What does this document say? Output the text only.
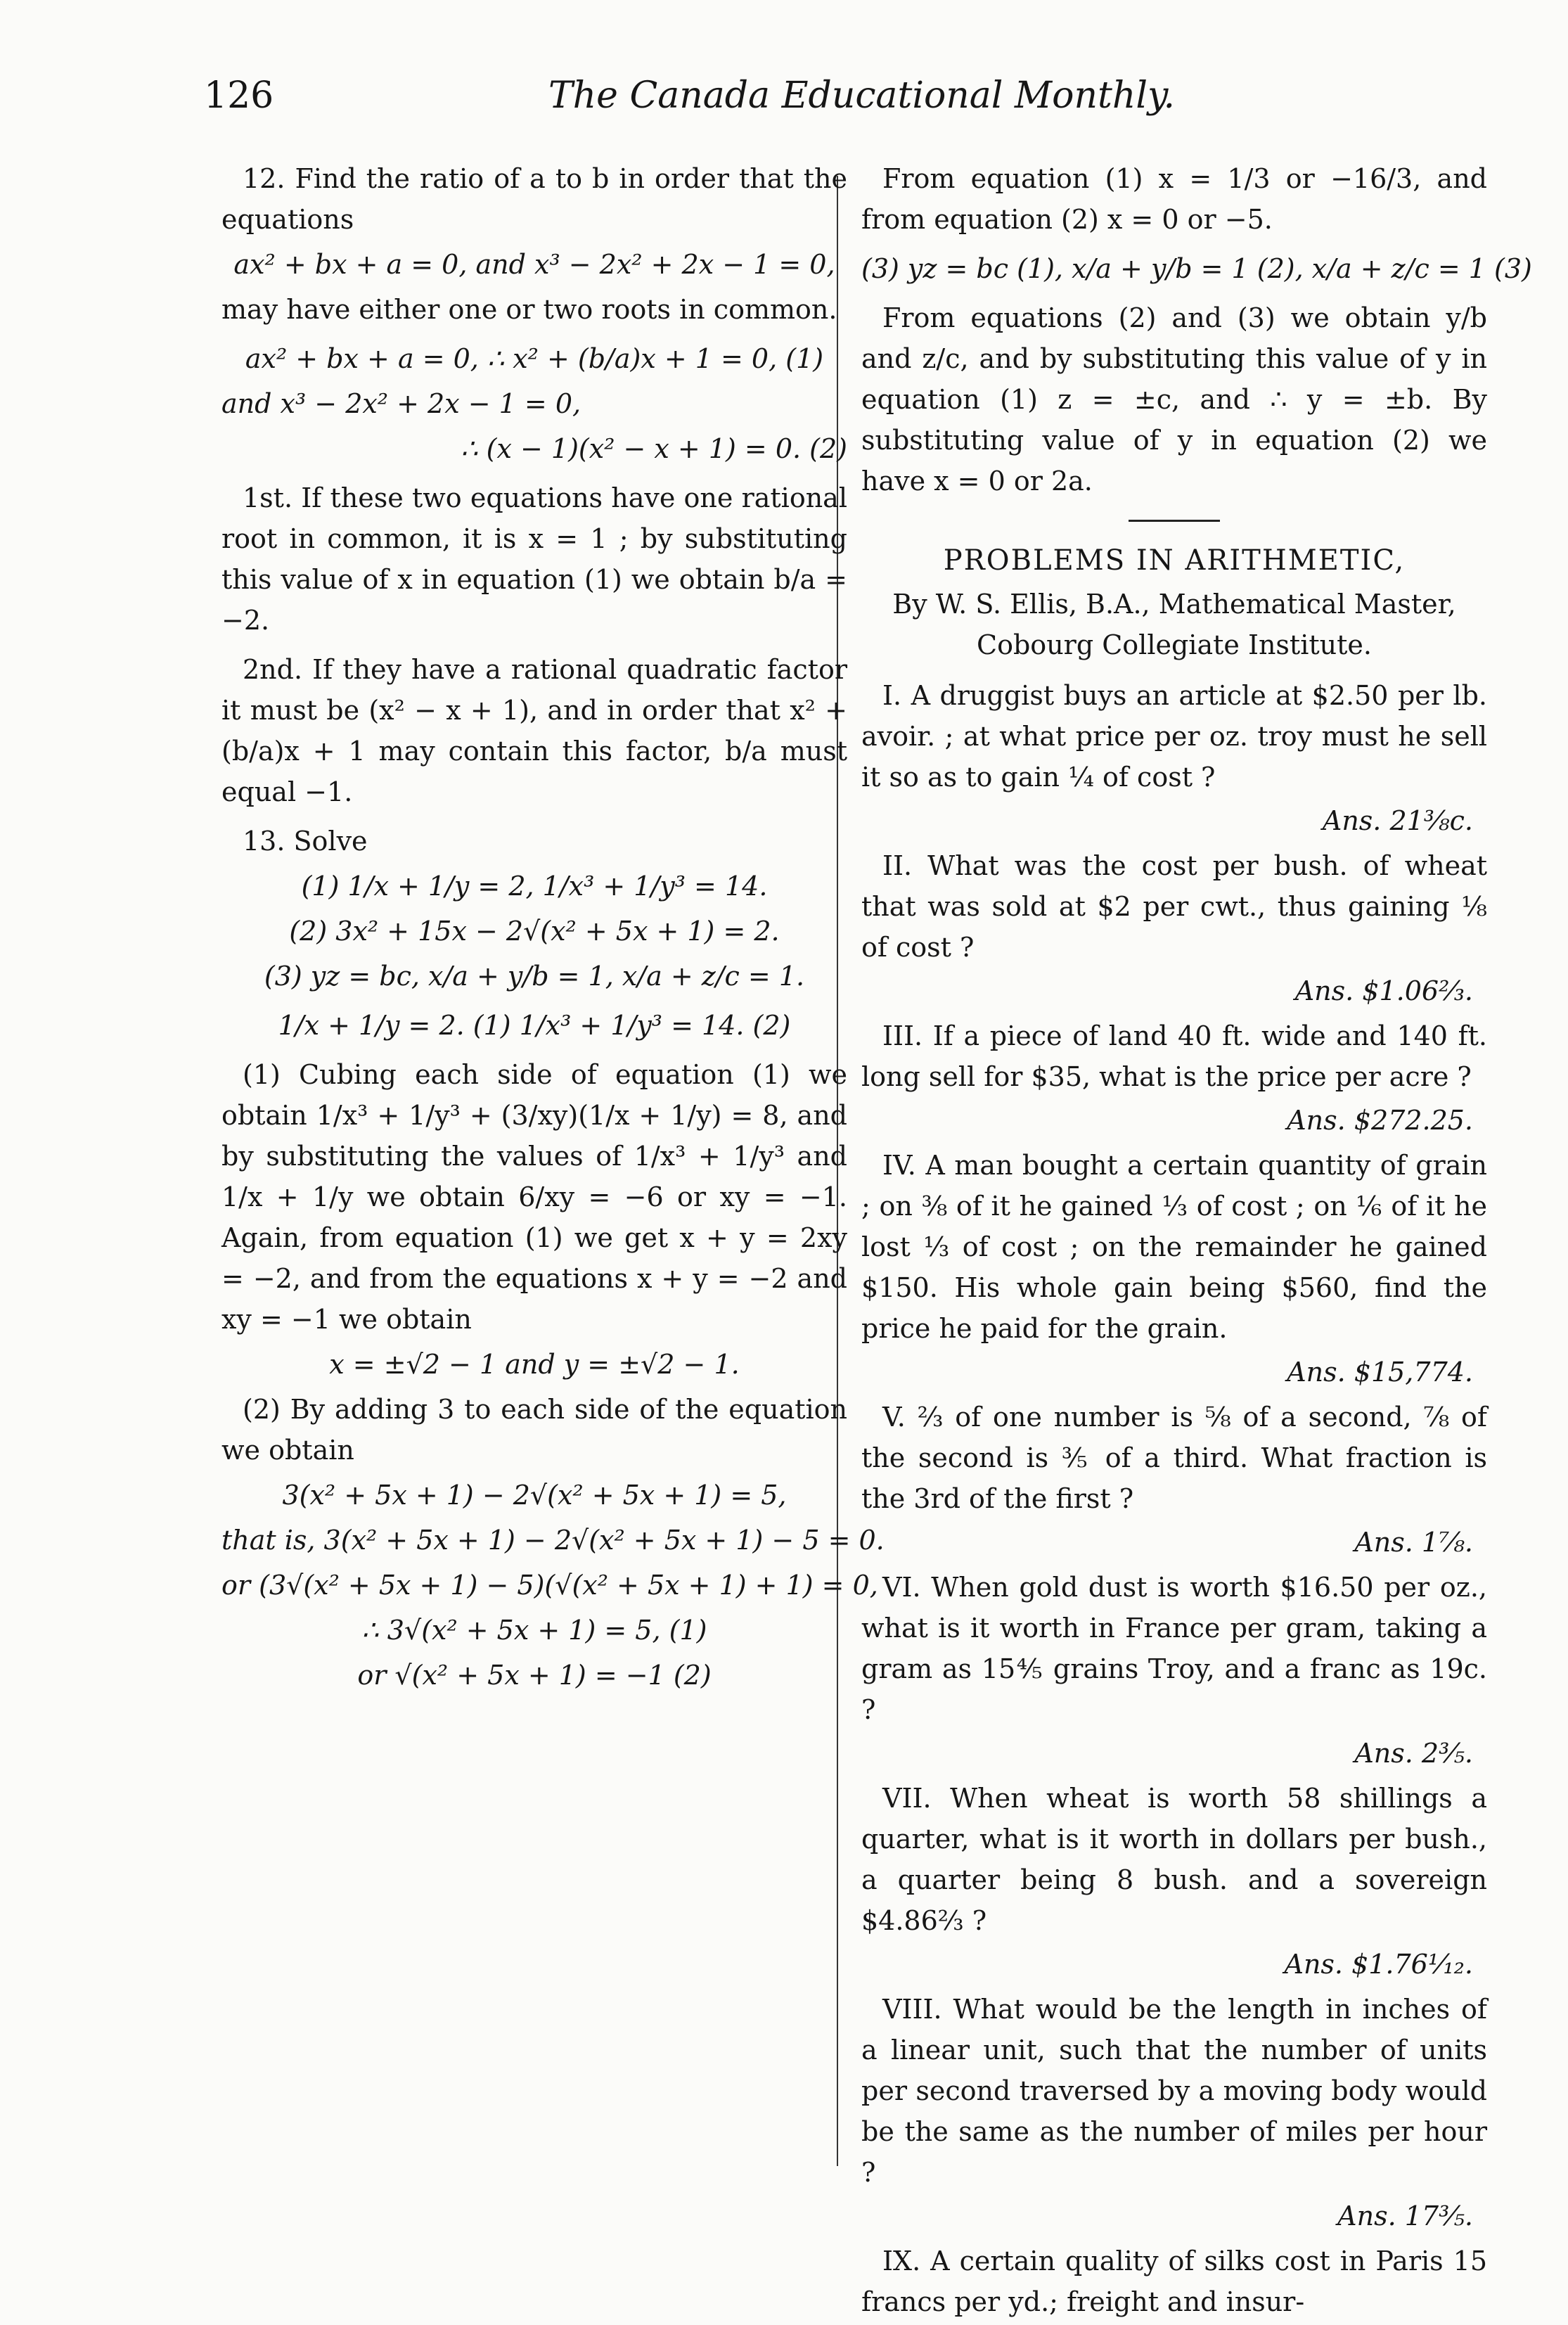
126	The Canada Educational Monthly.

12. Find the ratio of a to b in order that the equations

ax² + bx + a = 0, and x³ − 2x² + 2x − 1 = 0,

may have either one or two roots in common.

ax² + bx + a = 0, ∴ x² + (b/a)x + 1 = 0, (1)
and x³ − 2x² + 2x − 1 = 0,
∴ (x − 1)(x² − x + 1) = 0. (2)

1st. If these two equations have one rational root in common, it is x = 1 ; by substituting this value of x in equation (1) we obtain b/a = −2.

2nd. If they have a rational quadratic factor it must be (x² − x + 1), and in order that x² + (b/a)x + 1 may contain this factor, b/a must equal −1.

13. Solve

(1) 1/x + 1/y = 2, 1/x³ + 1/y³ = 14.
(2) 3x² + 15x − 2√(x² + 5x + 1) = 2.
(3) yz = bc, x/a + y/b = 1, x/a + z/c = 1.
1/x + 1/y = 2. (1) 1/x³ + 1/y³ = 14. (2)

(1) Cubing each side of equation (1) we obtain 1/x³ + 1/y³ + (3/xy)(1/x + 1/y) = 8, and by substituting the values of 1/x³ + 1/y³ and 1/x + 1/y we obtain 6/xy = −6 or xy = −1. Again, from equation (1) we get x + y = 2xy = −2, and from the equations x + y = −2 and xy = −1 we obtain

x = ±√2 − 1 and y = ±√2 − 1.

(2) By adding 3 to each side of the equation we obtain

3(x² + 5x + 1) − 2√(x² + 5x + 1) = 5,
that is, 3(x² + 5x + 1) − 2√(x² + 5x + 1) − 5 = 0.
or (3√(x² + 5x + 1) − 5)(√(x² + 5x + 1) + 1) = 0,
∴ 3√(x² + 5x + 1) = 5, (1)
or √(x² + 5x + 1) = −1 (2)

From equation (1) x = 1/3 or −16/3, and from equation (2) x = 0 or −5.

(3) yz = bc (1), x/a + y/b = 1 (2), x/a + z/c = 1 (3)

From equations (2) and (3) we obtain y/b and z/c, and by substituting this value of y in equation (1) z = ±c, and ∴ y = ±b. By substituting value of y in equation (2) we have x = 0 or 2a.

PROBLEMS IN ARITHMETIC,

By W. S. Ellis, B.A., Mathematical Master,

Cobourg Collegiate Institute.

I. A druggist buys an article at $2.50 per lb. avoir. ; at what price per oz. troy must he sell it so as to gain ¼ of cost ?

Ans. 21⅜c.

II. What was the cost per bush. of wheat that was sold at $2 per cwt., thus gaining ⅛ of cost ?

Ans. $1.06⅔.

III. If a piece of land 40 ft. wide and 140 ft. long sell for $35, what is the price per acre ?

Ans. $272.25.

IV. A man bought a certain quantity of grain ; on ⅜ of it he gained ⅓ of cost ; on ⅙ of it he lost ⅓ of cost ; on the remainder he gained $150. His whole gain being $560, find the price he paid for the grain.

Ans. $15,774.

V. ⅔ of one number is ⅝ of a second, ⅞ of the second is ⅗ of a third. What fraction is the 3rd of the first ?

Ans. 1⅞.

VI. When gold dust is worth $16.50 per oz., what is it worth in France per gram, taking a gram as 15⅘ grains Troy, and a franc as 19c. ?

Ans. 2⅗.

VII. When wheat is worth 58 shillings a quarter, what is it worth in dollars per bush., a quarter being 8 bush. and a sovereign $4.86⅔ ?

Ans. $1.76⅟₁₂.

VIII. What would be the length in inches of a linear unit, such that the number of units per second traversed by a moving body would be the same as the number of miles per hour ?

Ans. 17⅗.

IX. A certain quality of silks cost in Paris 15 francs per yd.; freight and insur-
